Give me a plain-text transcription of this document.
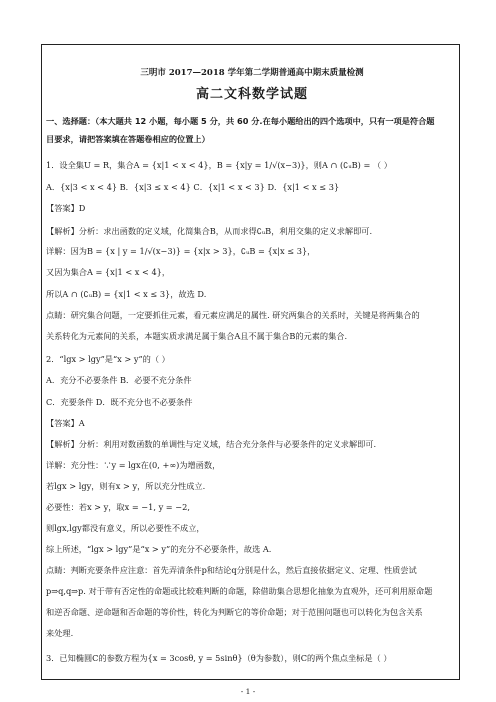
三明市 2017—2018 学年第二学期普通高中期末质量检测
高二文科数学试题
一、选择题：（本大题共 12 小题，每小题 5 分，共 60 分.在每小题给出的四个选项中，只有一项是符合题
目要求，请把答案填在答题卷相应的位置上）
1．设全集U = R，集合A = {x|1 < x < 4}，B = {x|y = 1/√(x−3)}，则A ∩ (∁ᵤB) = （ ）
A．{x|3 < x < 4} B．{x|3 ≤ x < 4} C．{x|1 < x < 3} D．{x|1 < x ≤ 3}
【答案】D
【解析】分析：求出函数的定义域，化简集合B，从而求得∁ᵤB，利用交集的定义求解即可.
详解：因为B = {x | y = 1/√(x−3)} = {x|x > 3}，∁ᵤB = {x|x ≤ 3}，
又因为集合A = {x|1 < x < 4}，
所以A ∩ (∁ᵤB) = {x|1 < x ≤ 3}，故选 D.
点睛：研究集合问题，一定要抓住元素，看元素应满足的属性. 研究两集合的关系时，关键是将两集合的
关系转化为元素间的关系，本题实质求满足属于集合A且不属于集合B的元素的集合.
2．“lgx > lgy”是“x > y”的（ ）
A．充分不必要条件 B．必要不充分条件
C．充要条件 D．既不充分也不必要条件
【答案】A
【解析】分析：利用对数函数的单调性与定义域，结合充分条件与必要条件的定义求解即可.
详解：充分性：∵y = lgx在(0, +∞)为增函数，
若lgx > lgy，则有x > y，所以充分性成立.
必要性：若x > y，取x = −1, y = −2,
则lgx,lgy都没有意义，所以必要性不成立，
综上所述，“lgx > lgy”是“x > y”的充分不必要条件，故选 A.
点睛：判断充要条件应注意：首先弄清条件p和结论q分别是什么，然后直接依据定义、定理、性质尝试
p⇒q,q⇒p. 对于带有否定性的命题或比较难判断的命题，除借助集合思想化抽象为直观外，还可利用原命题
和逆否命题、逆命题和否命题的等价性，转化为判断它的等价命题；对于范围问题也可以转化为包含关系
来处理.
3．已知椭圆C的参数方程为{x = 3cosθ, y = 5sinθ}（θ为参数），则C的两个焦点坐标是（ ）
- 1 -
